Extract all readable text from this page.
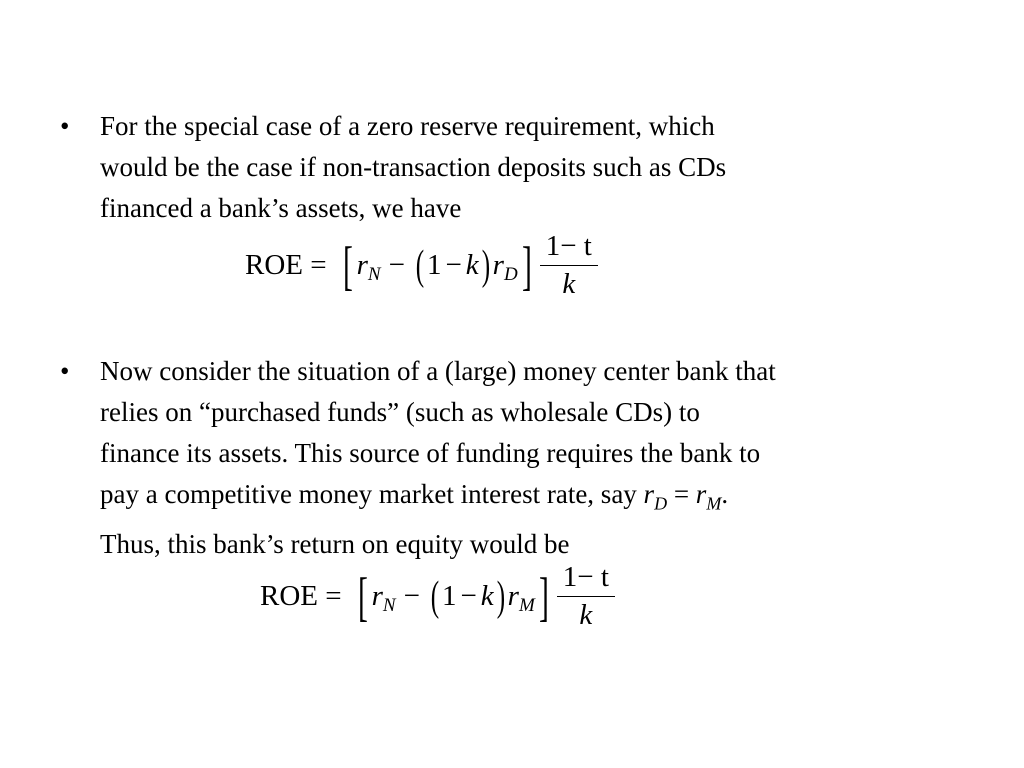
• For the special case of a zero reserve requirement, which
would be the case if non-transaction deposits such as CDs
financed a bank’s assets, we have
ROE = [ r N − ( 1 − k ) r D ] $\frac{1- t}{k}$
• Now consider the situation of a (large) money center bank that
relies on “purchased funds” (such as wholesale CDs) to
finance its assets. This source of funding requires the bank to
pay a competitive money market interest rate, say $r_D = r_M$.
Thus, this bank’s return on equity would be
ROE = [ r N − ( 1 − k ) r M ] $\frac{1- t}{k}$
